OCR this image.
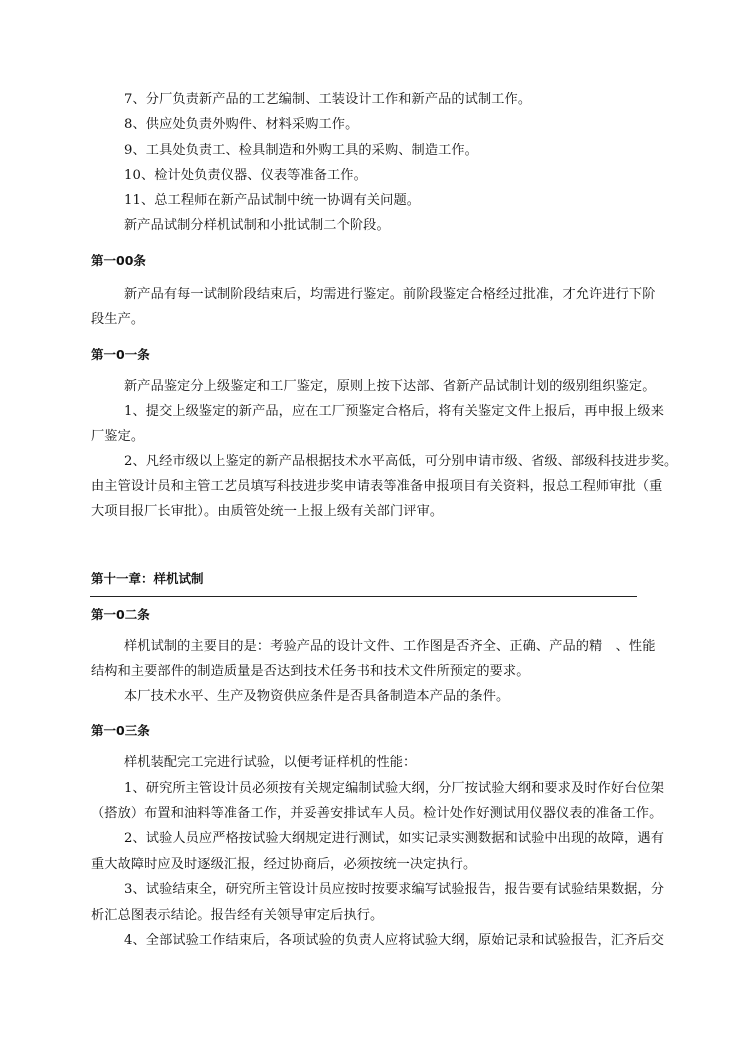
7、分厂负责新产品的工艺编制、工装设计工作和新产品的试制工作。
8、供应处负责外购件、材料采购工作。
9、工具处负责工、检具制造和外购工具的采购、制造工作。
10、检计处负责仪器、仪表等准备工作。
11、总工程师在新产品试制中统一协调有关问题。
新产品试制分样机试制和小批试制二个阶段。
第一00条
新产品有每一试制阶段结束后，均需进行鉴定。前阶段鉴定合格经过批准，才允许进行下阶
段生产。
第一0一条
新产品鉴定分上级鉴定和工厂鉴定，原则上按下达部、省新产品试制计划的级别组织鉴定。
1、提交上级鉴定的新产品，应在工厂预鉴定合格后，将有关鉴定文件上报后，再申报上级来
厂鉴定。
2、凡经市级以上鉴定的新产品根据技术水平高低，可分别申请市级、省级、部级科技进步奖。
由主管设计员和主管工艺员填写科技进步奖申请表等准备申报项目有关资料，报总工程师审批（重
大项目报厂长审批）。由质管处统一上报上级有关部门评审。
第十一章：样机试制
第一0二条
样机试制的主要目的是：考验产品的设计文件、工作图是否齐全、正确、产品的精　、性能
结构和主要部件的制造质量是否达到技术任务书和技术文件所预定的要求。
本厂技术水平、生产及物资供应条件是否具备制造本产品的条件。
第一0三条
样机装配完工完进行试验，以便考证样机的性能：
1、研究所主管设计员必须按有关规定编制试验大纲，分厂按试验大纲和要求及时作好台位架
（搭放）布置和油料等准备工作，并妥善安排试车人员。检计处作好测试用仪器仪表的准备工作。
2、试验人员应严格按试验大纲规定进行测试，如实记录实测数据和试验中出现的故障，遇有
重大故障时应及时逐级汇报，经过协商后，必须按统一决定执行。
3、试验结束全，研究所主管设计员应按时按要求编写试验报告，报告要有试验结果数据，分
析汇总图表示结论。报告经有关领导审定后执行。
4、全部试验工作结束后，各项试验的负责人应将试验大纲，原始记录和试验报告，汇齐后交
